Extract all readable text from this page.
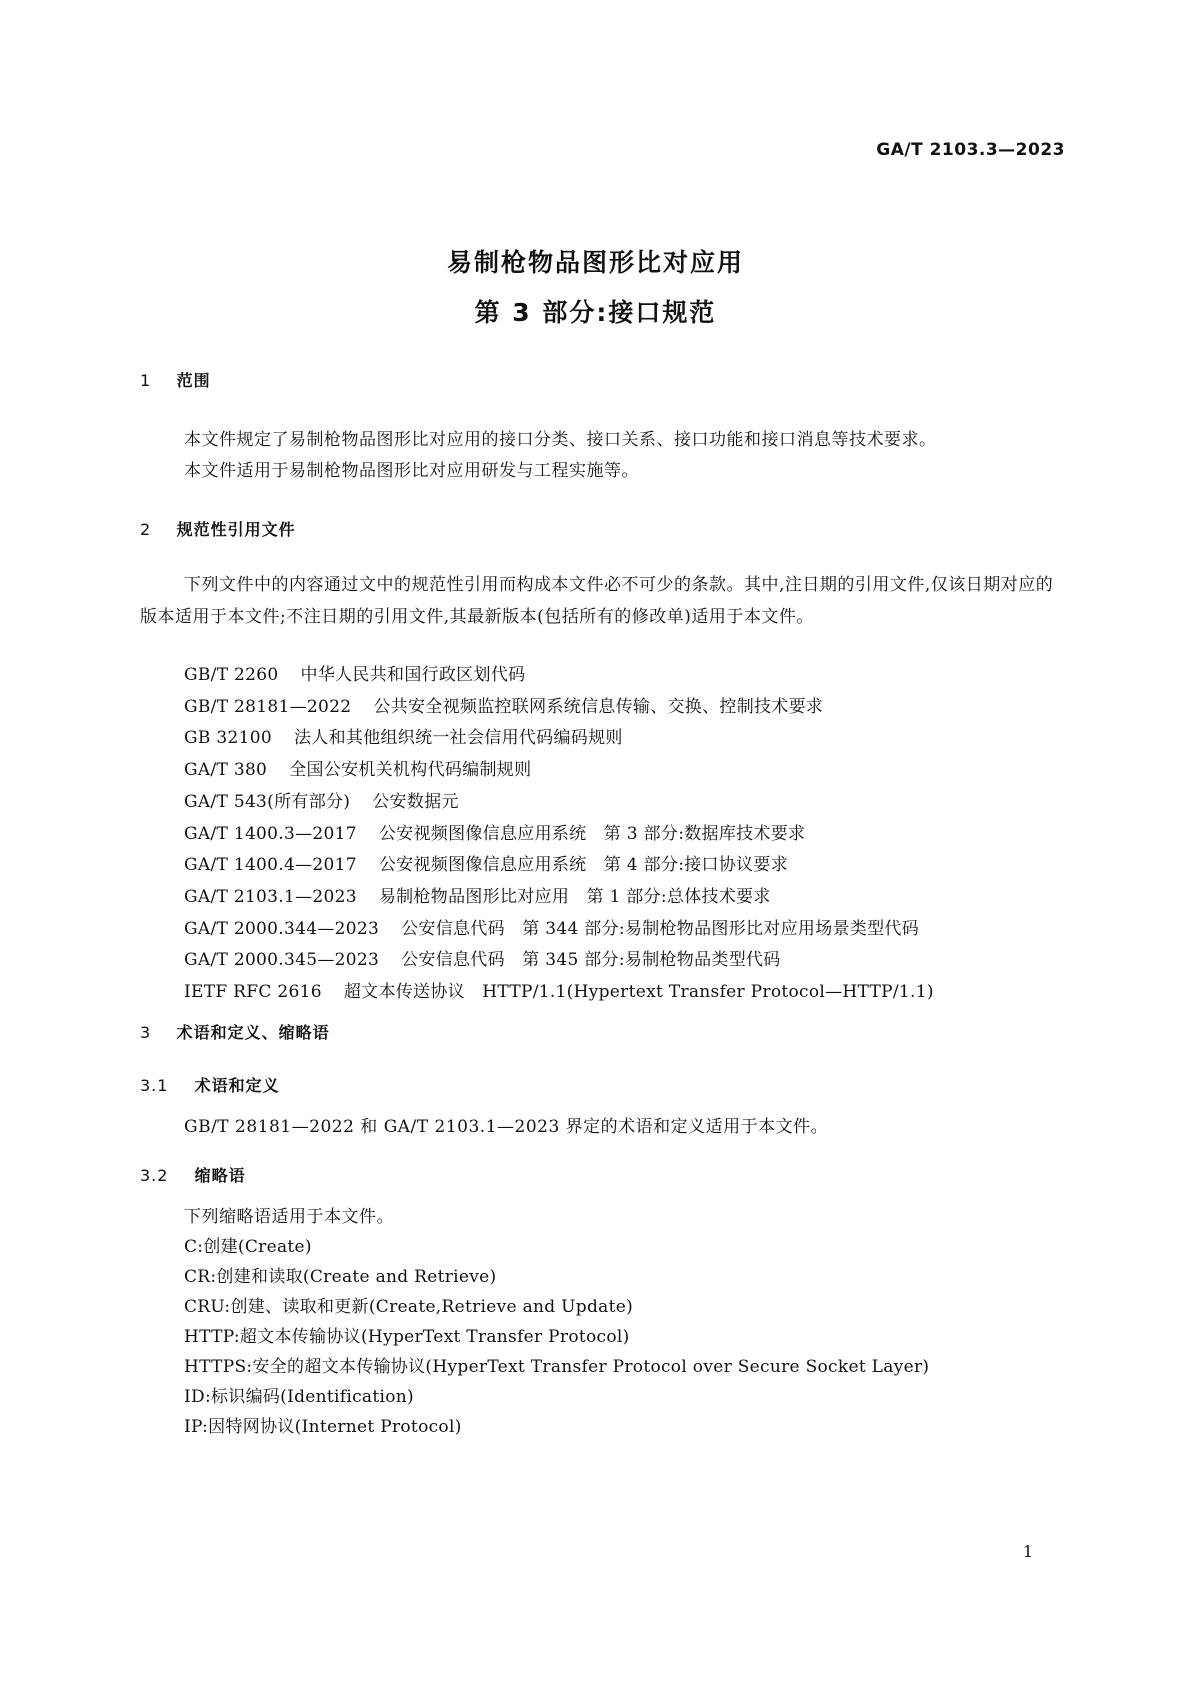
GA/T 2103.3—2023
易制枪物品图形比对应用
第 3 部分:接口规范
1 范围
本文件规定了易制枪物品图形比对应用的接口分类、接口关系、接口功能和接口消息等技术要求。
本文件适用于易制枪物品图形比对应用研发与工程实施等。
2 规范性引用文件
下列文件中的内容通过文中的规范性引用而构成本文件必不可少的条款。其中,注日期的引用文件,仅该日期对应的版本适用于本文件;不注日期的引用文件,其最新版本(包括所有的修改单)适用于本文件。
GB/T 2260 中华人民共和国行政区划代码
GB/T 28181—2022 公共安全视频监控联网系统信息传输、交换、控制技术要求
GB 32100 法人和其他组织统一社会信用代码编码规则
GA/T 380 全国公安机关机构代码编制规则
GA/T 543(所有部分) 公安数据元
GA/T 1400.3—2017 公安视频图像信息应用系统　第 3 部分:数据库技术要求
GA/T 1400.4—2017 公安视频图像信息应用系统　第 4 部分:接口协议要求
GA/T 2103.1—2023 易制枪物品图形比对应用　第 1 部分:总体技术要求
GA/T 2000.344—2023 公安信息代码　第 344 部分:易制枪物品图形比对应用场景类型代码
GA/T 2000.345—2023 公安信息代码　第 345 部分:易制枪物品类型代码
IETF RFC 2616 超文本传送协议　HTTP/1.1(Hypertext Transfer Protocol—HTTP/1.1)
3 术语和定义、缩略语
3.1 术语和定义
GB/T 28181—2022 和 GA/T 2103.1—2023 界定的术语和定义适用于本文件。
3.2 缩略语
下列缩略语适用于本文件。
C:创建(Create)
CR:创建和读取(Create and Retrieve)
CRU:创建、读取和更新(Create,Retrieve and Update)
HTTP:超文本传输协议(HyperText Transfer Protocol)
HTTPS:安全的超文本传输协议(HyperText Transfer Protocol over Secure Socket Layer)
ID:标识编码(Identification)
IP:因特网协议(Internet Protocol)
1
